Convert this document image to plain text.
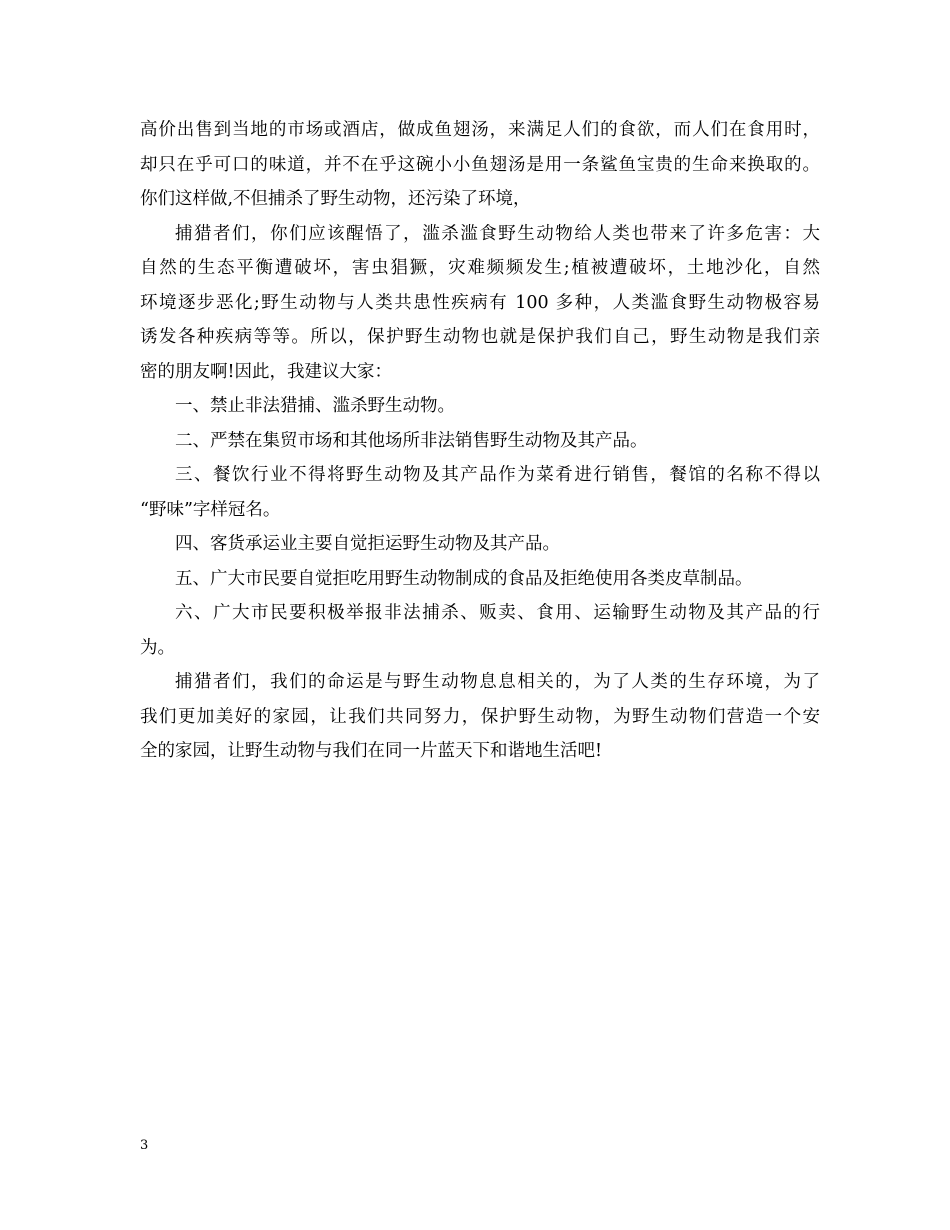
高价出售到当地的市场或酒店，做成鱼翅汤，来满足人们的食欲，而人们在食用时，
却只在乎可口的味道，并不在乎这碗小小鱼翅汤是用一条鲨鱼宝贵的生命来换取的。
你们这样做,不但捕杀了野生动物，还污染了环境，
捕猎者们，你们应该醒悟了，滥杀滥食野生动物给人类也带来了许多危害：大
自然的生态平衡遭破坏，害虫猖獗，灾难频频发生;植被遭破坏，土地沙化，自然
环境逐步恶化;野生动物与人类共患性疾病有 100 多种，人类滥食野生动物极容易
诱发各种疾病等等。所以，保护野生动物也就是保护我们自己，野生动物是我们亲
密的朋友啊!因此，我建议大家：
一、禁止非法猎捕、滥杀野生动物。
二、严禁在集贸市场和其他场所非法销售野生动物及其产品。
三、餐饮行业不得将野生动物及其产品作为菜肴进行销售，餐馆的名称不得以
“野味”字样冠名。
四、客货承运业主要自觉拒运野生动物及其产品。
五、广大市民要自觉拒吃用野生动物制成的食品及拒绝使用各类皮草制品。
六、广大市民要积极举报非法捕杀、贩卖、食用、运输野生动物及其产品的行
为。
捕猎者们，我们的命运是与野生动物息息相关的，为了人类的生存环境，为了
我们更加美好的家园，让我们共同努力，保护野生动物，为野生动物们营造一个安
全的家园，让野生动物与我们在同一片蓝天下和谐地生活吧!
3
